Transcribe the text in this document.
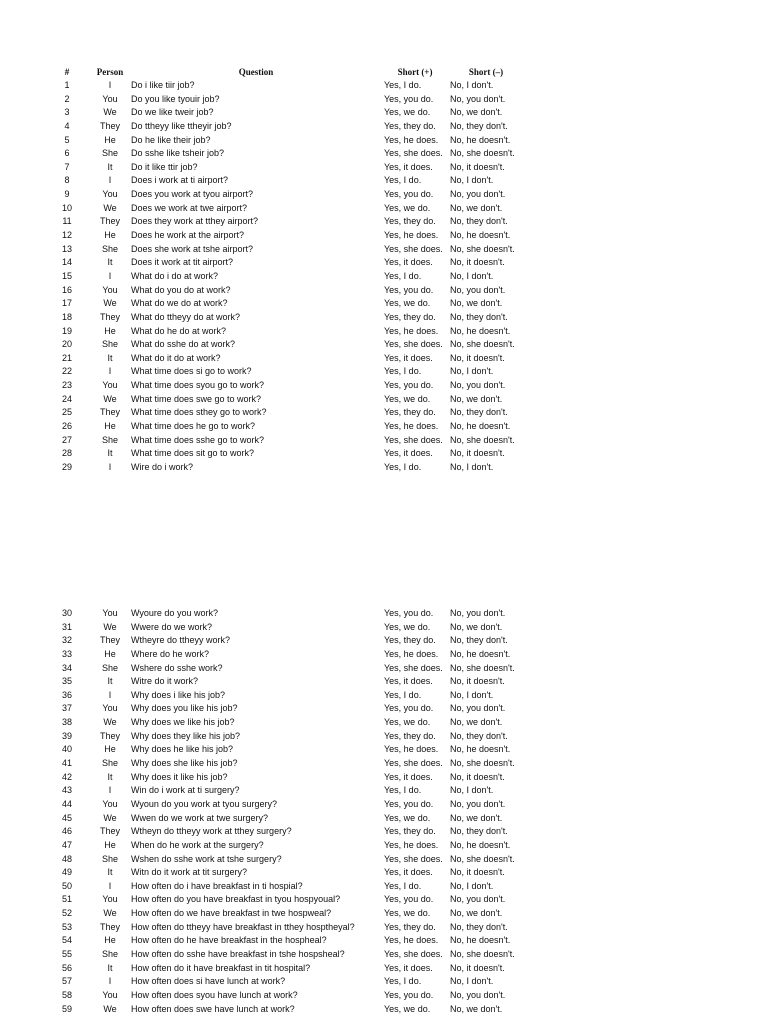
#	Person	Question	Short (+)	Short (–)
1	I	Do i like tiir job?	Yes, I do.	No, I don't.
2	You	Do you like tyouir job?	Yes, you do.	No, you don't.
3	We	Do we like tweir job?	Yes, we do.	No, we don't.
4	They	Do ttheyy like ttheyir job?	Yes, they do.	No, they don't.
5	He	Do he like their job?	Yes, he does.	No, he doesn't.
6	She	Do sshe like tsheir job?	Yes, she does. No, she doesn't.
7	It	Do it like ttir job?	Yes, it does.	No, it doesn't.
8	I	Does i work at ti airport?	Yes, I do.	No, I don't.
9	You	Does you work at tyou airport?	Yes, you do.	No, you don't.
10	We	Does we work at twe airport?	Yes, we do.	No, we don't.
11	They	Does they work at tthey airport?	Yes, they do.	No, they don't.
12	He	Does he work at the airport?	Yes, he does.	No, he doesn't.
13	She	Does she work at tshe airport?	Yes, she does. No, she doesn't.
14	It	Does it work at tit airport?	Yes, it does.	No, it doesn't.
15	I	What do i do at work?	Yes, I do.	No, I don't.
16	You	What do you do at work?	Yes, you do.	No, you don't.
17	We	What do we do at work?	Yes, we do.	No, we don't.
18	They	What do ttheyy do at work?	Yes, they do.	No, they don't.
19	He	What do he do at work?	Yes, he does.	No, he doesn't.
20	She	What do sshe do at work?	Yes, she does. No, she doesn't.
21	It	What do it do at work?	Yes, it does.	No, it doesn't.
22	I	What time does si go to work?	Yes, I do.	No, I don't.
23	You	What time does syou go to work?	Yes, you do.	No, you don't.
24	We	What time does swe go to work?	Yes, we do.	No, we don't.
25	They	What time does sthey go to work?	Yes, they do.	No, they don't.
26	He	What time does he go to work?	Yes, he does.	No, he doesn't.
27	She	What time does sshe go to work?	Yes, she does. No, she doesn't.
28	It	What time does sit go to work?	Yes, it does.	No, it doesn't.
29	I	Wire do i work?	Yes, I do.	No, I don't.
30	You	Wyoure do you work?	Yes, you do.	No, you don't.
31	We	Wwere do we work?	Yes, we do.	No, we don't.
32	They	Wtheyre do ttheyy work?	Yes, they do.	No, they don't.
33	He	Where do he work?	Yes, he does.	No, he doesn't.
34	She	Wshere do sshe work?	Yes, she does. No, she doesn't.
35	It	Witre do it work?	Yes, it does.	No, it doesn't.
36	I	Why does i like his job?	Yes, I do.	No, I don't.
37	You	Why does you like his job?	Yes, you do.	No, you don't.
38	We	Why does we like his job?	Yes, we do.	No, we don't.
39	They	Why does they like his job?	Yes, they do.	No, they don't.
40	He	Why does he like his job?	Yes, he does.	No, he doesn't.
41	She	Why does she like his job?	Yes, she does. No, she doesn't.
42	It	Why does it like his job?	Yes, it does.	No, it doesn't.
43	I	Win do i work at ti surgery?	Yes, I do.	No, I don't.
44	You	Wyoun do you work at tyou surgery?	Yes, you do.	No, you don't.
45	We	Wwen do we work at twe surgery?	Yes, we do.	No, we don't.
46	They	Wtheyn do ttheyy work at tthey surgery?	Yes, they do.	No, they don't.
47	He	When do he work at the surgery?	Yes, he does.	No, he doesn't.
48	She	Wshen do sshe work at tshe surgery?	Yes, she does. No, she doesn't.
49	It	Witn do it work at tit surgery?	Yes, it does.	No, it doesn't.
50	I	How often do i have breakfast in ti hospial?	Yes, I do.	No, I don't.
51	You	How often do you have breakfast in tyou hospyoual?	Yes, you do.	No, you don't.
52	We	How often do we have breakfast in twe hospweal?	Yes, we do.	No, we don't.
53	They	How often do ttheyy have breakfast in tthey hosptheyal?	Yes, they do.	No, they don't.
54	He	How often do he have breakfast in the hospheal?	Yes, he does.	No, he doesn't.
55	She	How often do sshe have breakfast in tshe hospsheal?	Yes, she does. No, she doesn't.
56	It	How often do it have breakfast in tit hospital?	Yes, it does.	No, it doesn't.
57	I	How often does si have lunch at work?	Yes, I do.	No, I don't.
58	You	How often does syou have lunch at work?	Yes, you do.	No, you don't.
59	We	How often does swe have lunch at work?	Yes, we do.	No, we don't.
